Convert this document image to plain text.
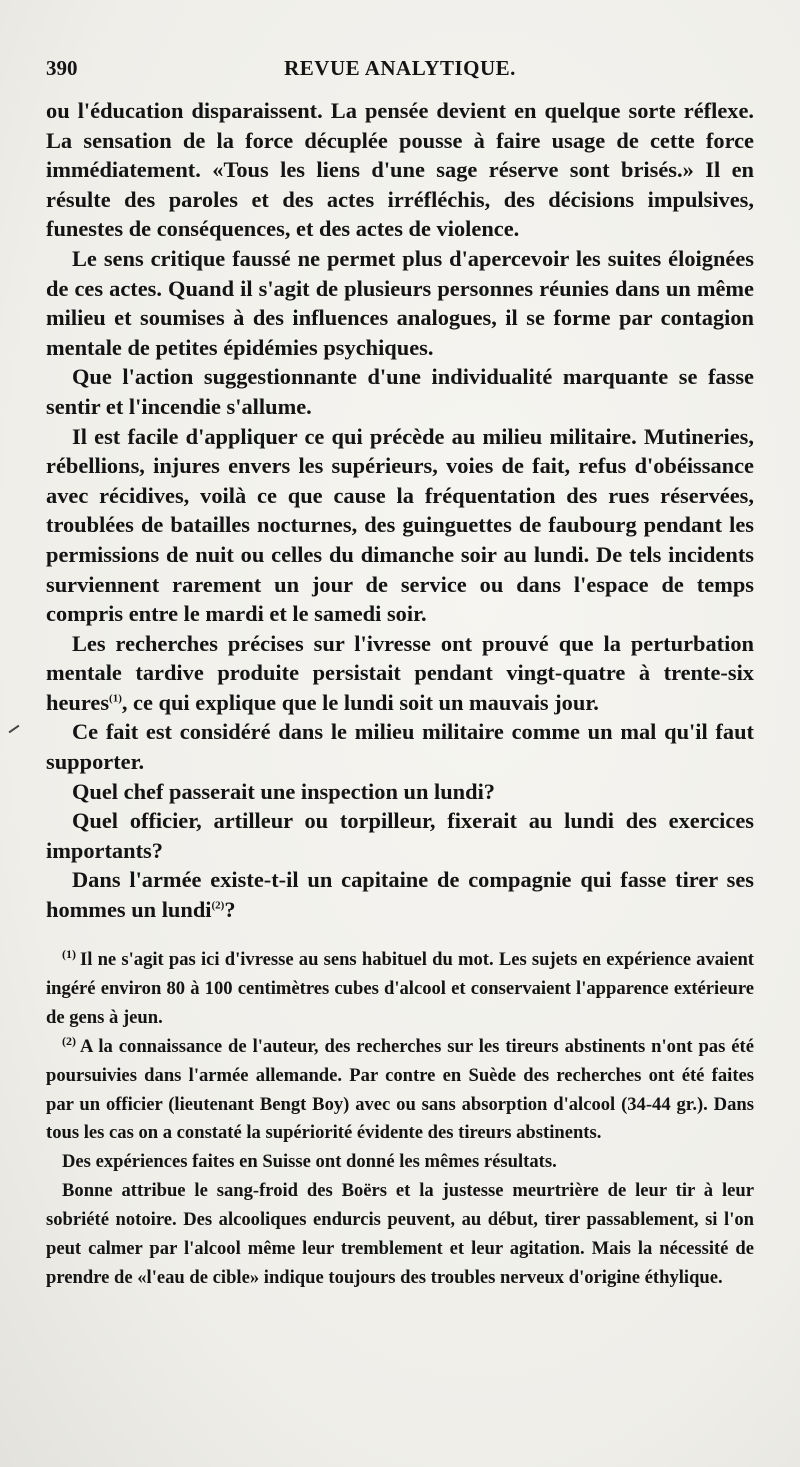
390	REVUE ANALYTIQUE.

ou l'éducation disparaissent. La pensée devient en quelque sorte réflexe. La sensation de la force décuplée pousse à faire usage de cette force immédiatement. «Tous les liens d'une sage réserve sont brisés.» Il en résulte des paroles et des actes irréfléchis, des décisions impulsives, funestes de conséquences, et des actes de violence.

Le sens critique faussé ne permet plus d'apercevoir les suites éloignées de ces actes. Quand il s'agit de plusieurs personnes réunies dans un même milieu et soumises à des influences analogues, il se forme par contagion mentale de petites épidémies psychiques.

Que l'action suggestionnante d'une individualité marquante se fasse sentir et l'incendie s'allume.

Il est facile d'appliquer ce qui précède au milieu militaire. Mutineries, rébellions, injures envers les supérieurs, voies de fait, refus d'obéissance avec récidives, voilà ce que cause la fréquentation des rues réservées, troublées de batailles nocturnes, des guinguettes de faubourg pendant les permissions de nuit ou celles du dimanche soir au lundi. De tels incidents surviennent rarement un jour de service ou dans l'espace de temps compris entre le mardi et le samedi soir.

Les recherches précises sur l'ivresse ont prouvé que la perturbation mentale tardive produite persistait pendant vingt-quatre à trente-six heures$^{(1)}$, ce qui explique que le lundi soit un mauvais jour.

Ce fait est considéré dans le milieu militaire comme un mal qu'il faut supporter.

Quel chef passerait une inspection un lundi?

Quel officier, artilleur ou torpilleur, fixerait au lundi des exercices importants?

Dans l'armée existe-t-il un capitaine de compagnie qui fasse tirer ses hommes un lundi$^{(2)}$?

$^{(1)}$ Il ne s'agit pas ici d'ivresse au sens habituel du mot. Les sujets en expérience avaient ingéré environ 80 à 100 centimètres cubes d'alcool et conservaient l'apparence extérieure de gens à jeun.

$^{(2)}$ A la connaissance de l'auteur, des recherches sur les tireurs abstinents n'ont pas été poursuivies dans l'armée allemande. Par contre en Suède des recherches ont été faites par un officier (lieutenant Bengt Boy) avec ou sans absorption d'alcool (34-44 gr.). Dans tous les cas on a constaté la supériorité évidente des tireurs abstinents.

Des expériences faites en Suisse ont donné les mêmes résultats.

Bonne attribue le sang-froid des Boërs et la justesse meurtrière de leur tir à leur sobriété notoire. Des alcooliques endurcis peuvent, au début, tirer passablement, si l'on peut calmer par l'alcool même leur tremblement et leur agitation. Mais la nécessité de prendre de «l'eau de cible» indique toujours des troubles nerveux d'origine éthylique.
